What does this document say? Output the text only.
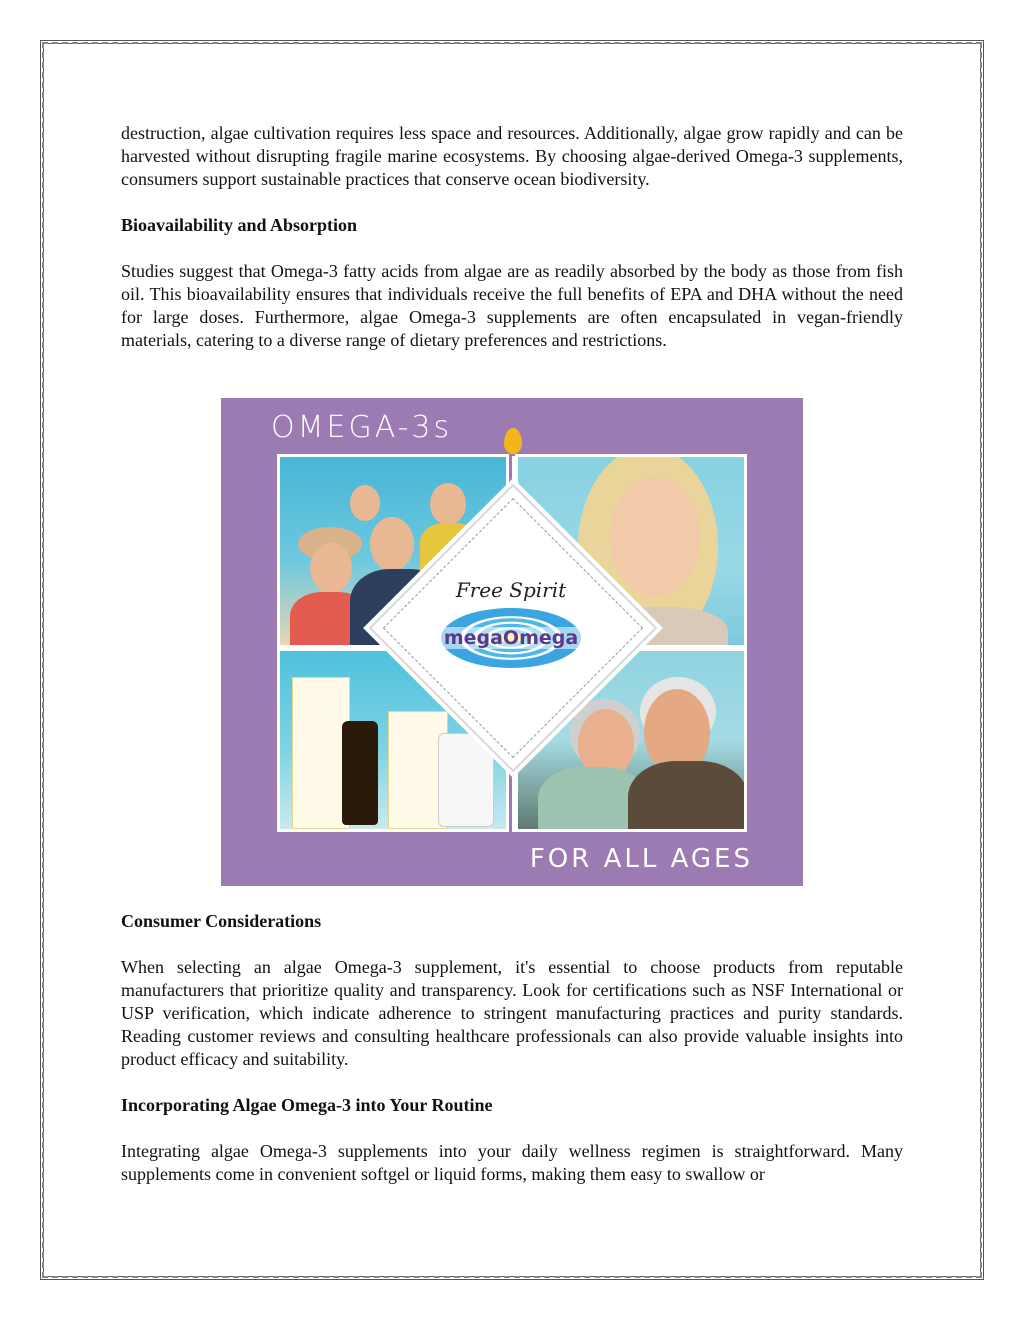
destruction, algae cultivation requires less space and resources. Additionally, algae grow rapidly and can be harvested without disrupting fragile marine ecosystems. By choosing algae-derived Omega-3 supplements, consumers support sustainable practices that conserve ocean biodiversity.

Bioavailability and Absorption

Studies suggest that Omega-3 fatty acids from algae are as readily absorbed by the body as those from fish oil. This bioavailability ensures that individuals receive the full benefits of EPA and DHA without the need for large doses. Furthermore, algae Omega-3 supplements are often encapsulated in vegan-friendly materials, catering to a diverse range of dietary preferences and restrictions.

OMEGA-3s
Free Spirit
megaOmega
FOR ALL AGES
Consumer Considerations

When selecting an algae Omega-3 supplement, it's essential to choose products from reputable manufacturers that prioritize quality and transparency. Look for certifications such as NSF International or USP verification, which indicate adherence to stringent manufacturing practices and purity standards. Reading customer reviews and consulting healthcare professionals can also provide valuable insights into product efficacy and suitability.

Incorporating Algae Omega-3 into Your Routine

Integrating algae Omega-3 supplements into your daily wellness regimen is straightforward. Many supplements come in convenient softgel or liquid forms, making them easy to swallow or
